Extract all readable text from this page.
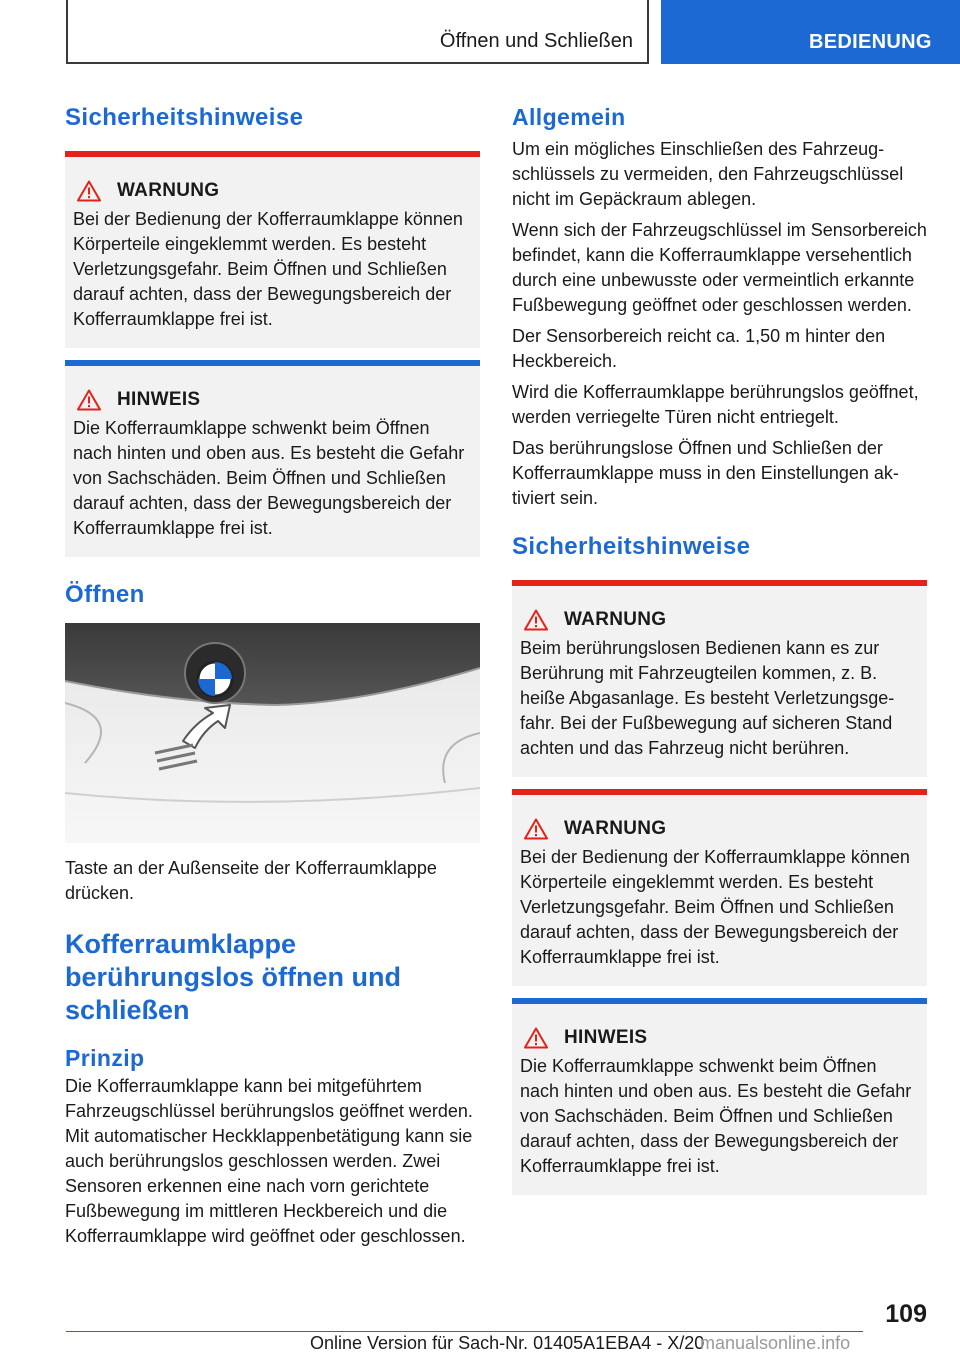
Öffnen und Schließen	BEDIENUNG
Sicherheitshinweise
WARNUNG
Bei der Bedienung der Kofferraumklappe können Körperteile eingeklemmt werden. Es besteht Verletzungsgefahr. Beim Öffnen und Schließen darauf achten, dass der Bewegungsbereich der Kofferraumklappe frei ist.
HINWEIS
Die Kofferraumklappe schwenkt beim Öffnen nach hinten und oben aus. Es besteht die Gefahr von Sachschäden. Beim Öffnen und Schließen darauf achten, dass der Bewegungsbereich der Kofferraumklappe frei ist.
Öffnen
Taste an der Außenseite der Kofferraumklappe drücken.
Kofferraumklappe berührungslos öffnen und schließen
Prinzip
Die Kofferraumklappe kann bei mitgeführtem Fahrzeugschlüssel berührungslos geöffnet werden. Mit automatischer Heckklappenbetätigung kann sie auch berührungslos geschlossen werden. Zwei Sensoren erkennen eine nach vorn gerichtete Fußbewegung im mittleren Heckbereich und die Kofferraumklappe wird geöffnet oder geschlossen.
Allgemein

Um ein mögliches Einschließen des Fahrzeugschlüssels zu vermeiden, den Fahrzeugschlüssel nicht im Gepäckraum ablegen.

Wenn sich der Fahrzeugschlüssel im Sensorbereich befindet, kann die Kofferraumklappe versehentlich durch eine unbewusste oder vermeintlich erkannte Fußbewegung geöffnet oder geschlossen werden.

Der Sensorbereich reicht ca. 1,50 m hinter den Heckbereich.

Wird die Kofferraumklappe berührungslos geöffnet, werden verriegelte Türen nicht entriegelt.

Das berührungslose Öffnen und Schließen der Kofferraumklappe muss in den Einstellungen aktiviert sein.

Sicherheitshinweise
WARNUNG
Beim berührungslosen Bedienen kann es zur Berührung mit Fahrzeugteilen kommen, z. B. heiße Abgasanlage. Es besteht Verletzungsgefahr. Bei der Fußbewegung auf sicheren Stand achten und das Fahrzeug nicht berühren.
WARNUNG
Bei der Bedienung der Kofferraumklappe können Körperteile eingeklemmt werden. Es besteht Verletzungsgefahr. Beim Öffnen und Schließen darauf achten, dass der Bewegungsbereich der Kofferraumklappe frei ist.
HINWEIS
Die Kofferraumklappe schwenkt beim Öffnen nach hinten und oben aus. Es besteht die Gefahr von Sachschäden. Beim Öffnen und Schließen darauf achten, dass der Bewegungsbereich der Kofferraumklappe frei ist.
109
Online Version für Sach-Nr. 01405A1EBA4 - X/20
manualsonline.info
